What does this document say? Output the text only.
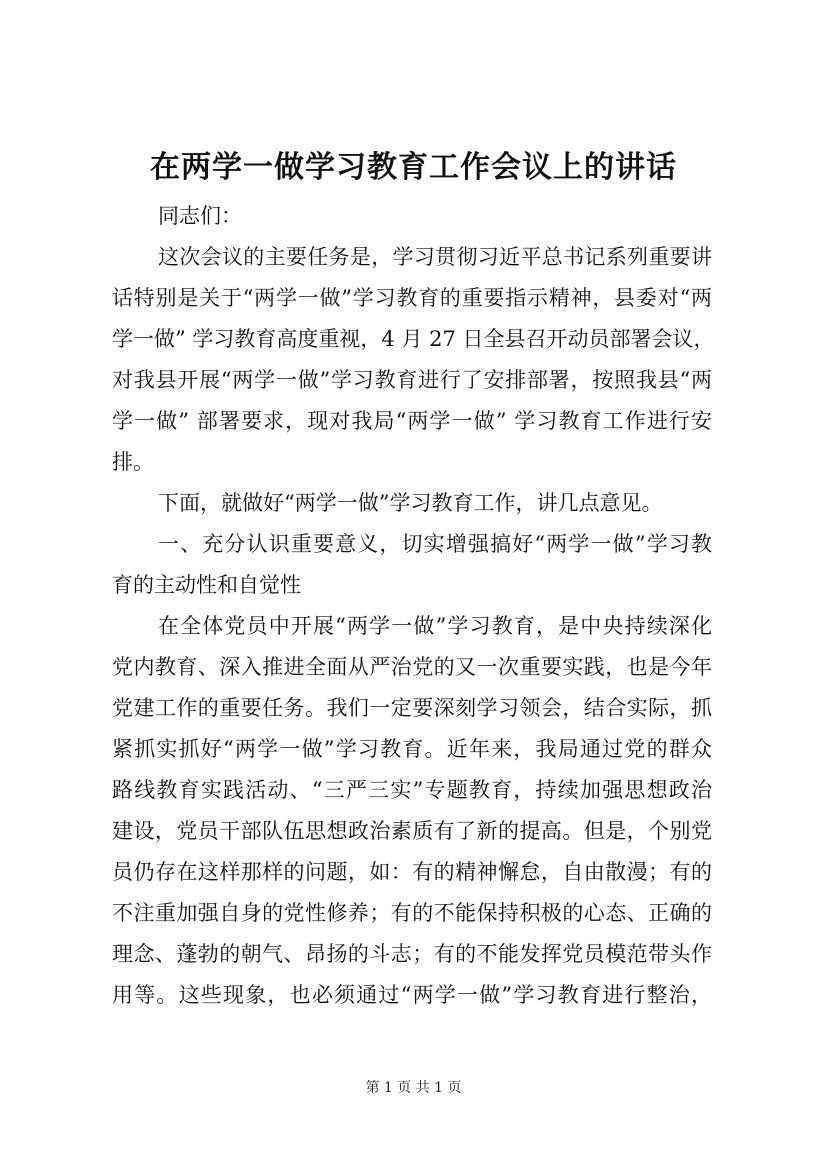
在两学一做学习教育工作会议上的讲话
同志们：
这次会议的主要任务是，学习贯彻习近平总书记系列重要讲
话特别是关于“两学一做”学习教育的重要指示精神，县委对“两
学一做” 学习教育高度重视，4 月 27 日全县召开动员部署会议，
对我县开展“两学一做”学习教育进行了安排部署，按照我县“两
学一做” 部署要求，现对我局“两学一做” 学习教育工作进行安
排。
下面，就做好“两学一做”学习教育工作，讲几点意见。
一、充分认识重要意义，切实增强搞好“两学一做”学习教
育的主动性和自觉性
在全体党员中开展“两学一做”学习教育，是中央持续深化
党内教育、深入推进全面从严治党的又一次重要实践，也是今年
党建工作的重要任务。我们一定要深刻学习领会，结合实际，抓
紧抓实抓好“两学一做”学习教育。近年来，我局通过党的群众
路线教育实践活动、“三严三实”专题教育，持续加强思想政治
建设，党员干部队伍思想政治素质有了新的提高。但是，个别党
员仍存在这样那样的问题，如：有的精神懈怠，自由散漫；有的
不注重加强自身的党性修养；有的不能保持积极的心态、正确的
理念、蓬勃的朝气、昂扬的斗志；有的不能发挥党员模范带头作
用等。这些现象，也必须通过“两学一做”学习教育进行整治，
第 1 页 共 1 页
